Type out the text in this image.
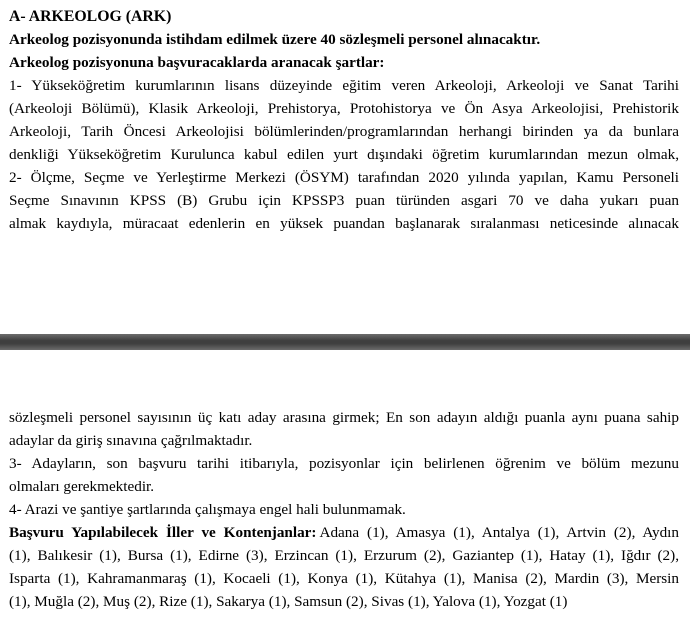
A- ARKEOLOG (ARK)
Arkeolog pozisyonunda istihdam edilmek üzere 40 sözleşmeli personel alınacaktır.
Arkeolog pozisyonuna başvuracaklarda aranacak şartlar:
1- Yükseköğretim kurumlarının lisans düzeyinde eğitim veren Arkeoloji, Arkeoloji ve Sanat Tarihi
(Arkeoloji Bölümü), Klasik Arkeoloji, Prehistorya, Protohistorya ve Ön Asya Arkeolojisi, Prehistorik
Arkeoloji, Tarih Öncesi Arkeolojisi bölümlerinden/programlarından herhangi birinden ya da bunlara
denkliği Yükseköğretim Kurulunca kabul edilen yurt dışındaki öğretim kurumlarından mezun olmak,
2- Ölçme, Seçme ve Yerleştirme Merkezi (ÖSYM) tarafından 2020 yılında yapılan, Kamu Personeli
Seçme Sınavının KPSS (B) Grubu için KPSSP3 puan türünden asgari 70 ve daha yukarı puan
almak kaydıyla, müracaat edenlerin en yüksek puandan başlanarak sıralanması neticesinde alınacak
sözleşmeli personel sayısının üç katı aday arasına girmek; En son adayın aldığı puanla aynı puana sahip
adaylar da giriş sınavına çağrılmaktadır.
3- Adayların, son başvuru tarihi itibarıyla, pozisyonlar için belirlenen öğrenim ve bölüm mezunu
olmaları gerekmektedir.
4- Arazi ve şantiye şartlarında çalışmaya engel hali bulunmamak.
Başvuru Yapılabilecek İller ve Kontenjanlar: Adana (1), Amasya (1), Antalya (1), Artvin (2), Aydın
(1), Balıkesir (1), Bursa (1), Edirne (3), Erzincan (1), Erzurum (2), Gaziantep (1), Hatay (1), Iğdır (2),
Isparta (1), Kahramanmaraş (1), Kocaeli (1), Konya (1), Kütahya (1), Manisa (2), Mardin (3), Mersin
(1), Muğla (2), Muş (2), Rize (1), Sakarya (1), Samsun (2), Sivas (1), Yalova (1), Yozgat (1)
